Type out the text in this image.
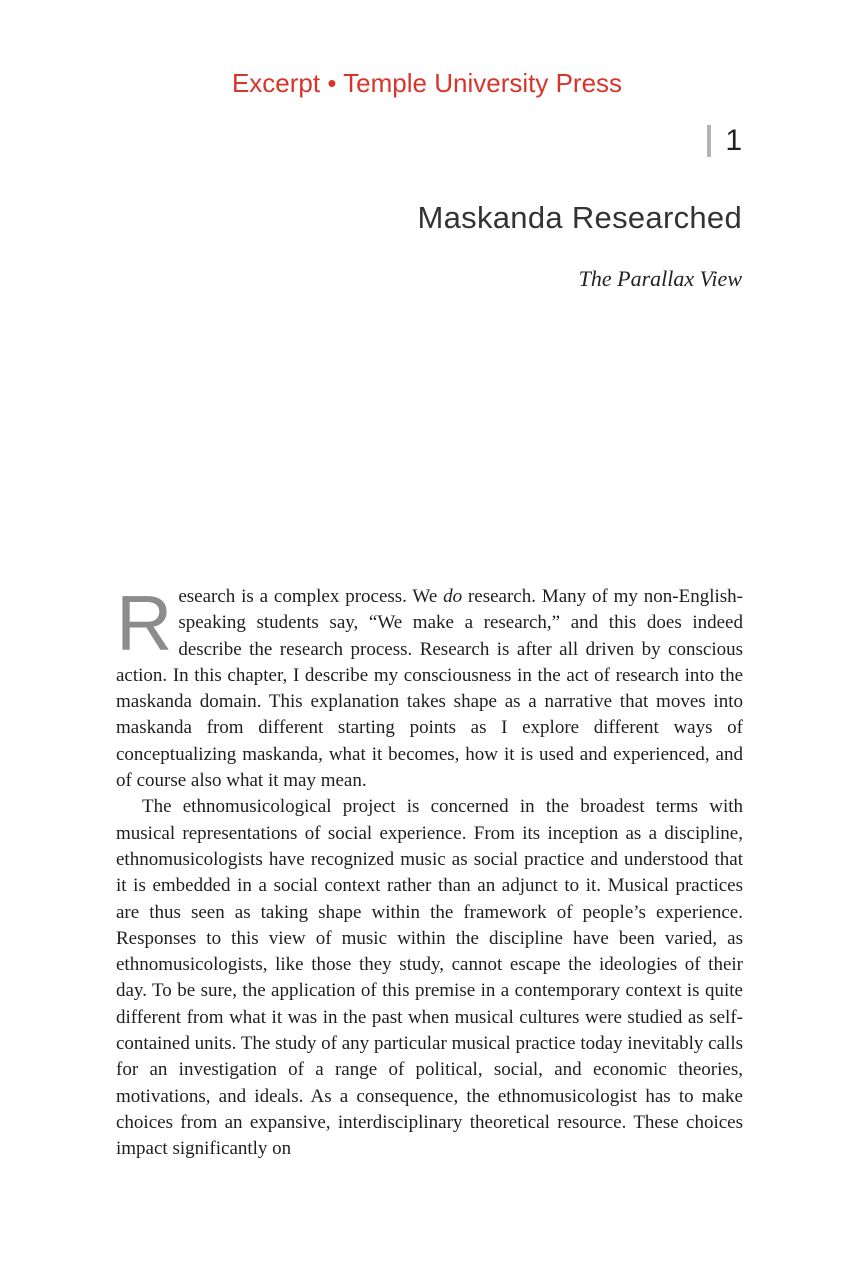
Excerpt • Temple University Press
1
Maskanda Researched
The Parallax View

Research is a complex process. We do research. Many of my non-English-speaking students say, “We make a research,” and this does indeed describe the research process. Research is after all driven by conscious action. In this chapter, I describe my consciousness in the act of research into the maskanda domain. This explanation takes shape as a narrative that moves into maskanda from different starting points as I explore different ways of conceptualizing maskanda, what it becomes, how it is used and experienced, and of course also what it may mean.

The ethnomusicological project is concerned in the broadest terms with musical representations of social experience. From its inception as a discipline, ethnomusicologists have recognized music as social practice and understood that it is embedded in a social context rather than an adjunct to it. Musical practices are thus seen as taking shape within the framework of people’s experience. Responses to this view of music within the discipline have been varied, as ethnomusicologists, like those they study, cannot escape the ideologies of their day. To be sure, the application of this premise in a contemporary context is quite different from what it was in the past when musical cultures were studied as self-contained units. The study of any particular musical practice today inevitably calls for an investigation of a range of political, social, and economic theories, motivations, and ideals. As a consequence, the ethnomusicologist has to make choices from an expansive, interdisciplinary theoretical resource. These choices impact significantly on
